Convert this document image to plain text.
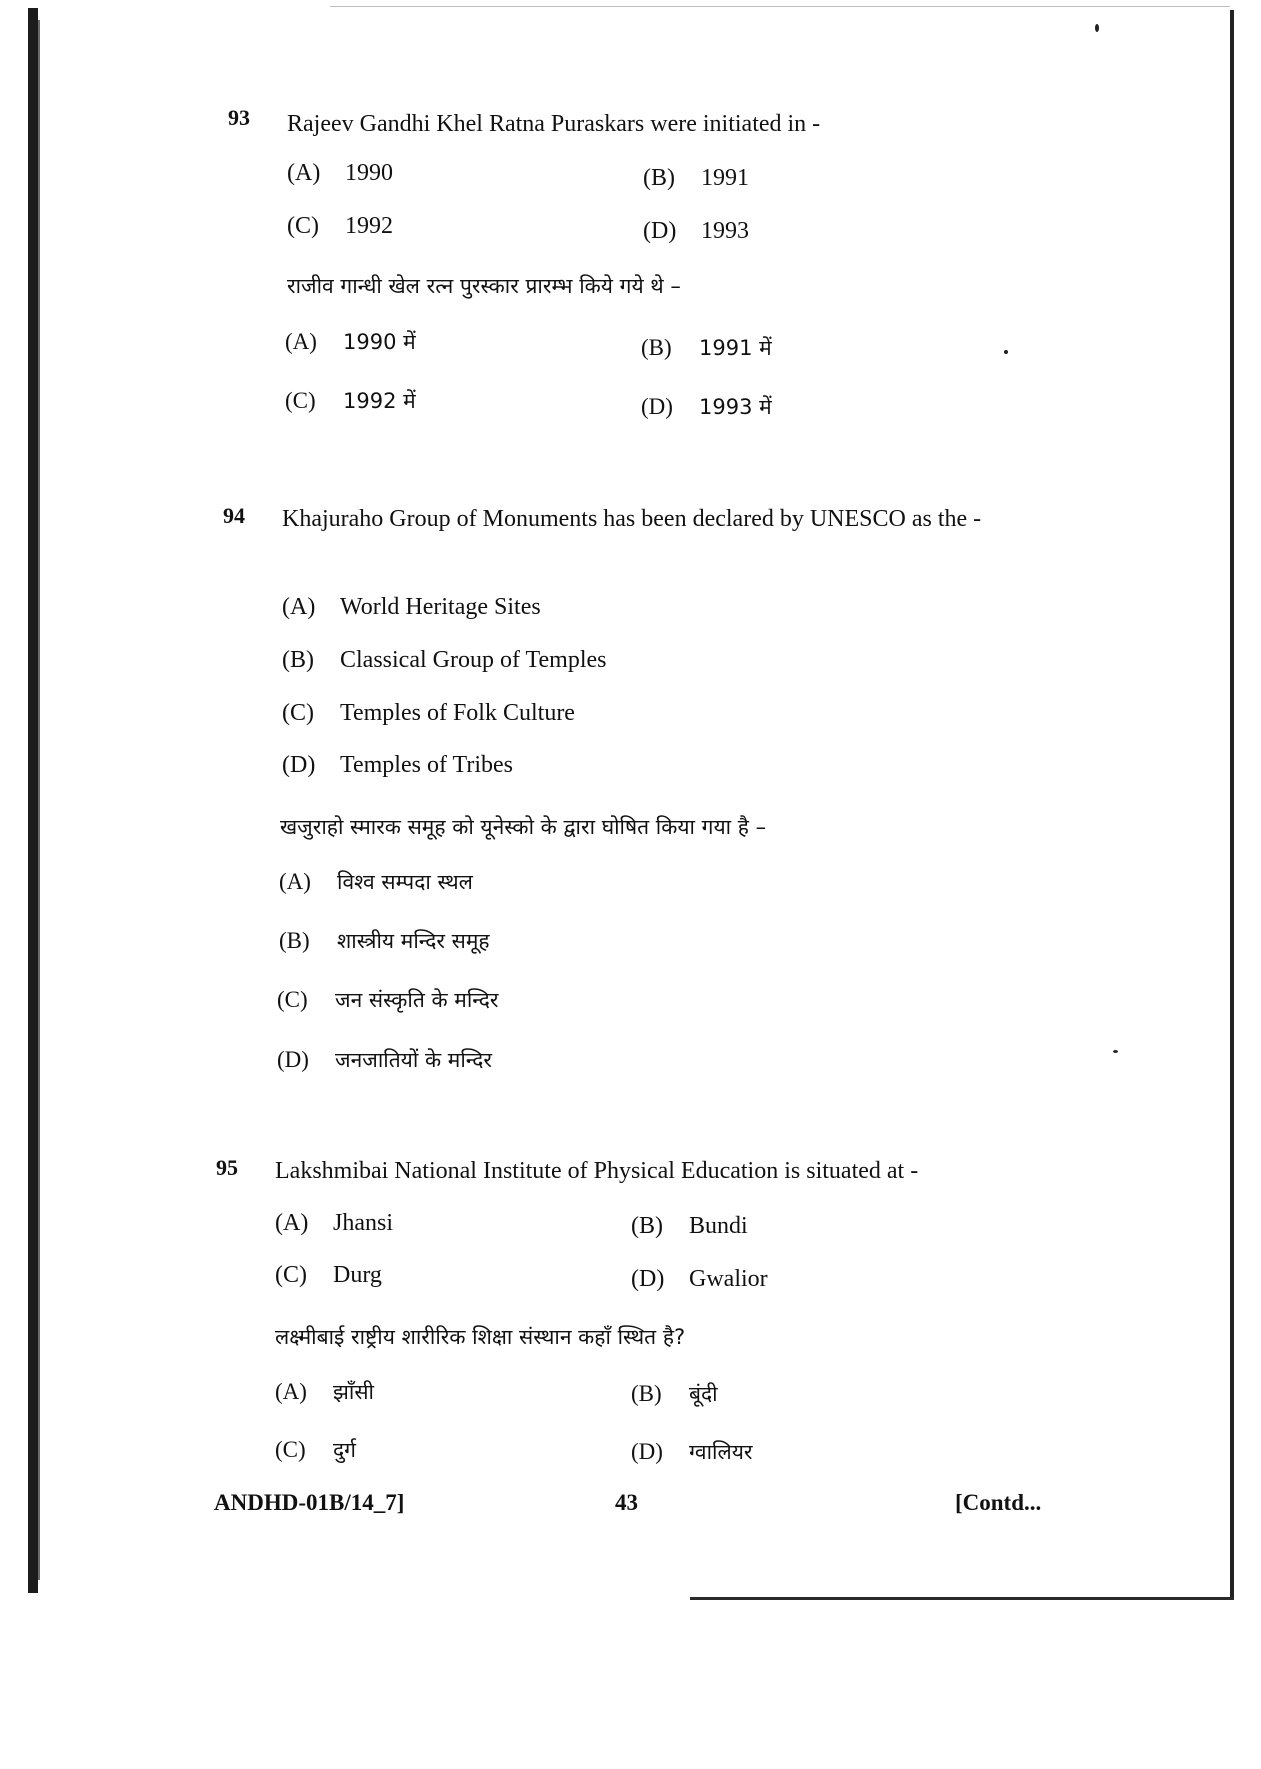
93 Rajeev Gandhi Khel Ratna Puraskars were initiated in -
(A) 1990	(B) 1991
(C) 1992	(D) 1993
राजीव गान्धी खेल रत्न पुरस्कार प्रारम्भ किये गये थे –
(A) 1990 में	(B) 1991 में
(C) 1992 में	(D) 1993 में
94 Khajuraho Group of Monuments has been declared by UNESCO as the -
(A) World Heritage Sites
(B) Classical Group of Temples
(C) Temples of Folk Culture
(D) Temples of Tribes
खजुराहो स्मारक समूह को यूनेस्को के द्वारा घोषित किया गया है –
(A) विश्व सम्पदा स्थल
(B) शास्त्रीय मन्दिर समूह
(C) जन संस्कृति के मन्दिर
(D) जनजातियों के मन्दिर
95 Lakshmibai National Institute of Physical Education is situated at -
(A) Jhansi	(B) Bundi
(C) Durg	(D) Gwalior
लक्ष्मीबाई राष्ट्रीय शारीरिक शिक्षा संस्थान कहाँ स्थित है?
(A) झाँसी	(B) बूंदी
(C) दुर्ग	(D) ग्वालियर
ANDHD-01B/14_7]	43	[Contd...
